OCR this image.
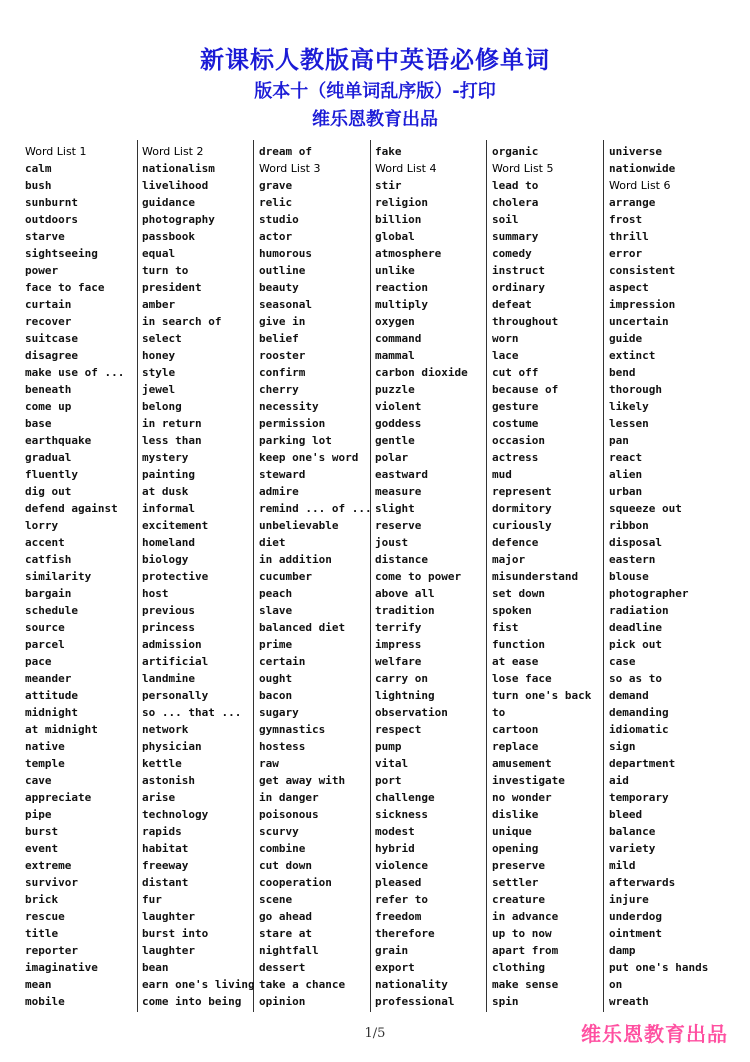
新课标人教版高中英语必修单词
版本十（纯单词乱序版）-打印
维乐恩教育出品
Word List 1
calm
bush
sunburnt
outdoors
starve
sightseeing
power
face to face
curtain
recover
suitcase
disagree
make use of ...
beneath
come up
base
earthquake
gradual
fluently
dig out
defend against
lorry
accent
catfish
similarity
bargain
schedule
source
parcel
pace
meander
attitude
midnight
at midnight
native
temple
cave
appreciate
pipe
burst
event
extreme
survivor
brick
rescue
title
reporter
imaginative
mean
mobile
Word List 2
nationalism
livelihood
guidance
photography
passbook
equal
turn to
president
amber
in search of
select
honey
style
jewel
belong
in return
less than
mystery
painting
at dusk
informal
excitement
homeland
biology
protective
host
previous
princess
admission
artificial
landmine
personally
so ... that ...
network
physician
kettle
astonish
arise
technology
rapids
habitat
freeway
distant
fur
laughter
burst into
laughter
bean
earn one's living
come into being
dream of
Word List 3
grave
relic
studio
actor
humorous
outline
beauty
seasonal
give in
belief
rooster
confirm
cherry
necessity
permission
parking lot
keep one's word
steward
admire
remind ... of ...
unbelievable
diet
in addition
cucumber
peach
slave
balanced diet
prime
certain
ought
bacon
sugary
gymnastics
hostess
raw
get away with
in danger
poisonous
scurvy
combine
cut down
cooperation
scene
go ahead
stare at
nightfall
dessert
take a chance
opinion
fake
Word List 4
stir
religion
billion
global
atmosphere
unlike
reaction
multiply
oxygen
command
mammal
carbon dioxide
puzzle
violent
goddess
gentle
polar
eastward
measure
slight
reserve
joust
distance
come to power
above all
tradition
terrify
impress
welfare
carry on
lightning
observation
respect
pump
vital
port
challenge
sickness
modest
hybrid
violence
pleased
refer to
freedom
therefore
grain
export
nationality
professional
organic
Word List 5
lead to
cholera
soil
summary
comedy
instruct
ordinary
defeat
throughout
worn
lace
cut off
because of
gesture
costume
occasion
actress
mud
represent
dormitory
curiously
defence
major
misunderstand
set down
spoken
fist
function
at ease
lose face
turn one's back
to
cartoon
replace
amusement
investigate
no wonder
dislike
unique
opening
preserve
settler
creature
in advance
up to now
apart from
clothing
make sense
spin
universe
nationwide
Word List 6
arrange
frost
thrill
error
consistent
aspect
impression
uncertain
guide
extinct
bend
thorough
likely
lessen
pan
react
alien
urban
squeeze out
ribbon
disposal
eastern
blouse
photographer
radiation
deadline
pick out
case
so as to
demand
demanding
idiomatic
sign
department
aid
temporary
bleed
balance
variety
mild
afterwards
injure
underdog
ointment
damp
put one's hands
on
wreath
1/5	维乐恩教育出品
